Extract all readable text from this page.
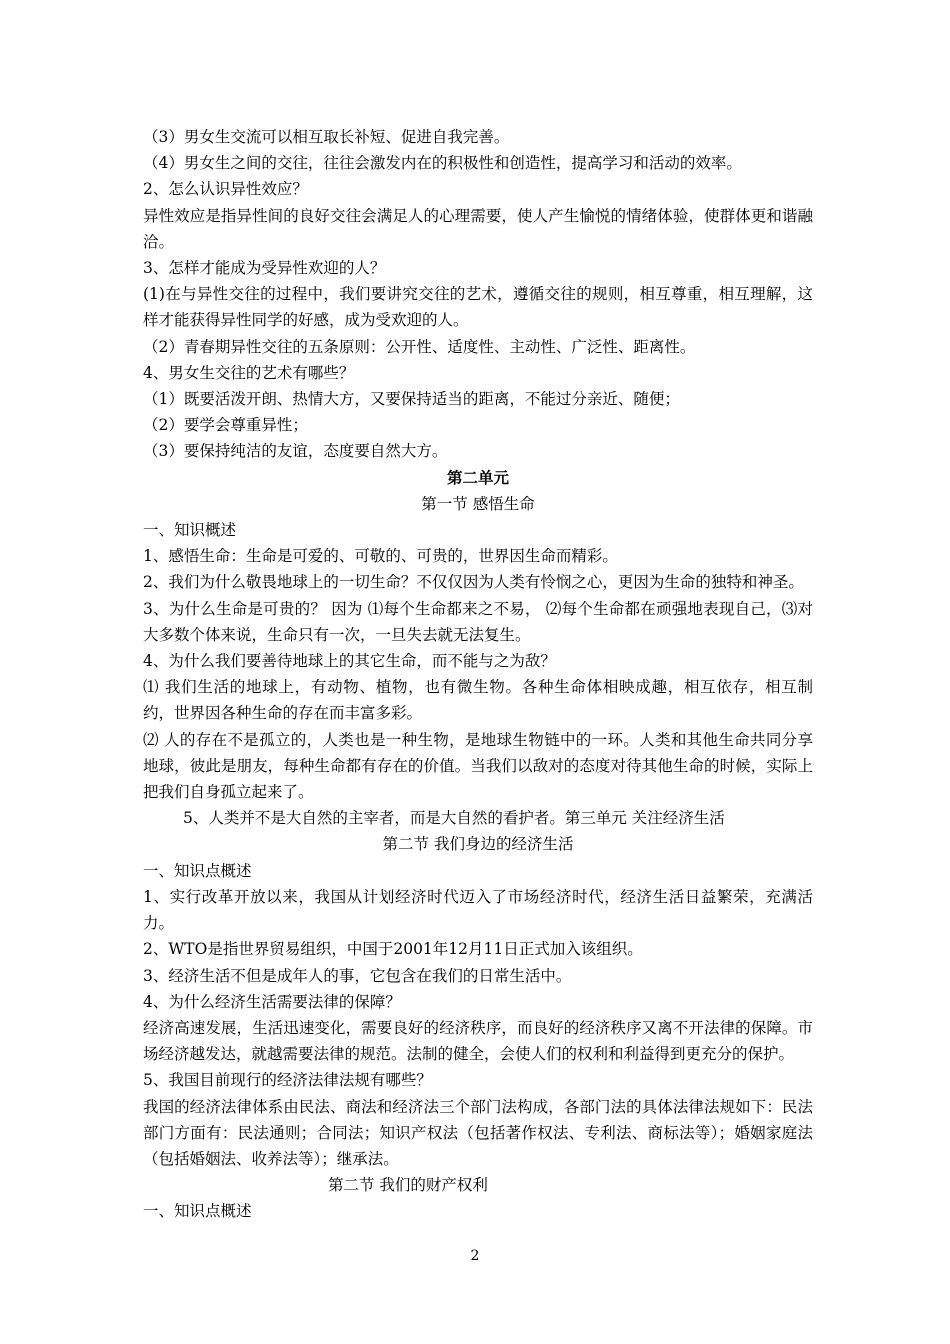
（3）男女生交流可以相互取长补短、促进自我完善。

（4）男女生之间的交往，往往会激发内在的积极性和创造性，提高学习和活动的效率。

2、怎么认识异性效应？

异性效应是指异性间的良好交往会满足人的心理需要，使人产生愉悦的情绪体验，使群体更和谐融洽。

3、怎样才能成为受异性欢迎的人？

(1)在与异性交往的过程中，我们要讲究交往的艺术，遵循交往的规则，相互尊重，相互理解，这样才能获得异性同学的好感，成为受欢迎的人。

（2）青春期异性交往的五条原则：公开性、适度性、主动性、广泛性、距离性。

4、男女生交往的艺术有哪些？

（1）既要活泼开朗、热情大方，又要保持适当的距离，不能过分亲近、随便；

（2）要学会尊重异性；

（3）要保持纯洁的友谊，态度要自然大方。

第二单元

第一节 感悟生命

一、知识概述

1、感悟生命：生命是可爱的、可敬的、可贵的，世界因生命而精彩。

2、我们为什么敬畏地球上的一切生命？不仅仅因为人类有怜悯之心，更因为生命的独特和神圣。

3、为什么生命是可贵的？ 因为 ⑴每个生命都来之不易， ⑵每个生命都在顽强地表现自己，⑶对大多数个体来说，生命只有一次，一旦失去就无法复生。

4、为什么我们要善待地球上的其它生命，而不能与之为敌？

⑴ 我们生活的地球上，有动物、植物，也有微生物。各种生命体相映成趣，相互依存，相互制约，世界因各种生命的存在而丰富多彩。

⑵ 人的存在不是孤立的，人类也是一种生物，是地球生物链中的一环。人类和其他生命共同分享地球，彼此是朋友，每种生命都有存在的价值。当我们以敌对的态度对待其他生命的时候，实际上把我们自身孤立起来了。

5、人类并不是大自然的主宰者，而是大自然的看护者。第三单元 关注经济生活

第二节 我们身边的经济生活

一、知识点概述

1、实行改革开放以来，我国从计划经济时代迈入了市场经济时代，经济生活日益繁荣，充满活力。

2、WTO是指世界贸易组织，中国于2001年12月11日正式加入该组织。

3、经济生活不但是成年人的事，它包含在我们的日常生活中。

4、为什么经济生活需要法律的保障？

经济高速发展，生活迅速变化，需要良好的经济秩序，而良好的经济秩序又离不开法律的保障。市场经济越发达，就越需要法律的规范。法制的健全，会使人们的权利和利益得到更充分的保护。

5、我国目前现行的经济法律法规有哪些？

我国的经济法律体系由民法、商法和经济法三个部门法构成，各部门法的具体法律法规如下：民法部门方面有：民法通则；合同法；知识产权法（包括著作权法、专利法、商标法等）；婚姻家庭法（包括婚姻法、收养法等）；继承法。

第二节 我们的财产权利

一、知识点概述

2
